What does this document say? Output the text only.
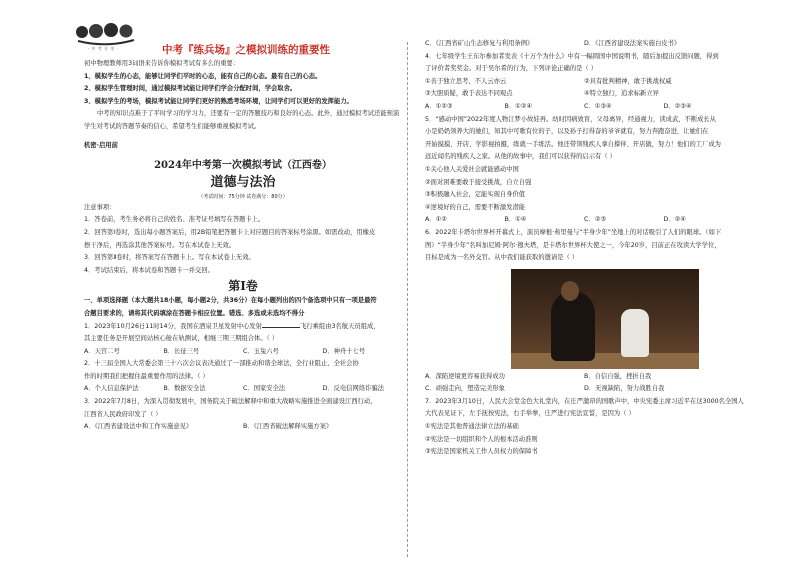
· 中 考 专 用 ·	中考『练兵场』之模拟训练的重要性

初中物理教师用3词语来告诉你模拟考试有多么的重要：

1、模拟学生的心态，能够让同学们平时的心态，能有自己的心态。最有自己的心态。

2、模拟学生管理时间，通过模拟考试能让同学们学会分配时间，学会取舍。

3、模拟学生的考场，模拟考试能让同学们更好的熟悉考场环境，让同学们可以更好的发挥能力。

中考的知识点难于了平时学习的学习力，还要有一定的答题技巧和良好的心态。此外，通过模拟考试还能预演

学生对考试的答题节奏的信心，希望考生们能够重视模拟考试。

机密·启用前

2024年中考第一次模拟考试（江西卷）

道德与法治

（考试时间：75分钟 试卷满分：80分）

注意事项：

1．答卷前，考生务必将自己的姓名、准考证号填写在答题卡上。

2．回答第Ⅰ卷时，选出每小题答案后，用2B铅笔把答题卡上对应题目的答案标号涂黑。如需改动，用橡皮

擦干净后，再选涂其他答案标号。写在本试卷上无效。

3．回答第Ⅱ卷时，将答案写在答题卡上。写在本试卷上无效。

4．考试结束后，将本试卷和答题卡一并交回。

第Ⅰ卷

一、单项选择题（本大题共18小题，每小题2分，共36分）在每小题列出的四个备选项中只有一项是最符

合题目要求的，请将其代码填涂在答题卡相应位置。错选、多选或未选均不得分

1．2023年10月26日11时14分，我国在酒泉卫星发射中心发射	飞行乘组由3名航天员组成，

其主要任务是开展空间站核心舱在轨测试，相继三期三期组合体。（ ）

A．天宫二号	B．长征三号	C．玉兔六号	D．神舟十七号

2．十三届全国人大常委会第三十六次会议表决通过了一部推动和谐全球法，全行业阻止，全社会协

作的时期我们把握住最重要作用的法律。（ ）

A．个人信息保护法	B．数据安全法	C．国家安全法	D．反电信网络诈骗法

3．2022年7月8日，为深入贯彻发展中，国务院关于破法解释中和重大战略实施推进全面建设江西行动，

江西省人民政府印发了（ ）

A．《江西省建设法中和工作实施意见》	B．《江西省破法解释实施方案》
C．《江西省矿山生态修复与利用条例》	D．《江西省建设法案实施白皮书》

4．七年级学生王东尔参加者发表《十万个为什么》中有一幅圆国中国说明书，随后加提出反馈问题，得到

了评价者奖奖金。对于吴尔希的行为，下列评论正确的是（ ）

①善于独立思考，不人云亦云	②具有批判精神，敢于挑战权威
③大胆质疑，敢于表达不同观点	④特立独行，追求标新立异
A．①②③	B．①②④	C．①③④	D．②③④

5．“感动中国”2022年度人物江梦小故娃再。幼时因病致盲，父母离异，经通视力，读成武，不断成长从

小是奶奶领养大的她们，知其中可歌有位的子，以及孙子打得奋的爷爷就有，努力奔跑奋进，让她们在

开始摸摸、开店、学影视拍摄，练就一手练活。他还带领残疾人拿自撑伴、开店做，努力！他们的工厂成为

远近闻名的残疾人之家。从他的故事中，我们可以获得的启示有（ ）

①关心他人关爱社会就能感动中国

②面对困难要敢于接受挑战，自立自强

③积极融入社会，定能实现自身价值

④逆境好的自己，需要不断激发潜能

A．①②	B．①④	C．②③	D．②④

6．2022年卡塔尔世界杯开幕式上，演员摩根·弗里曼与“半身少年”坐地上的对话吸引了人们的眼球。（如下

图）“半身少年”名叫加尼姆·阿尔·穆夫塔，是卡塔尔世界杯大使之一，今年20岁，目前正在攻读大学学位，

目标是成为一名外交官。从中我们能获取的邀请是（ ）

A．深陷逆境更容易获得成功	B．自信自强，挫折自我
C．顽强走向，塑造完美形象	D．无视缺陷，努力战胜自我

7．2023年3月10日，人民大会堂金色大礼堂内，在庄严激昂的国歌声中，中央宪委主席习近平在这3000名全国人

大代表见证下，左手抚按宪法，右手举拳，庄严进行宪法宣誓，是因为（ ）

①宪法是其他普通法律立法的基础

②宪法是一切组织和个人的根本活动准则

③宪法是国家机关工作人员权力的保障书
